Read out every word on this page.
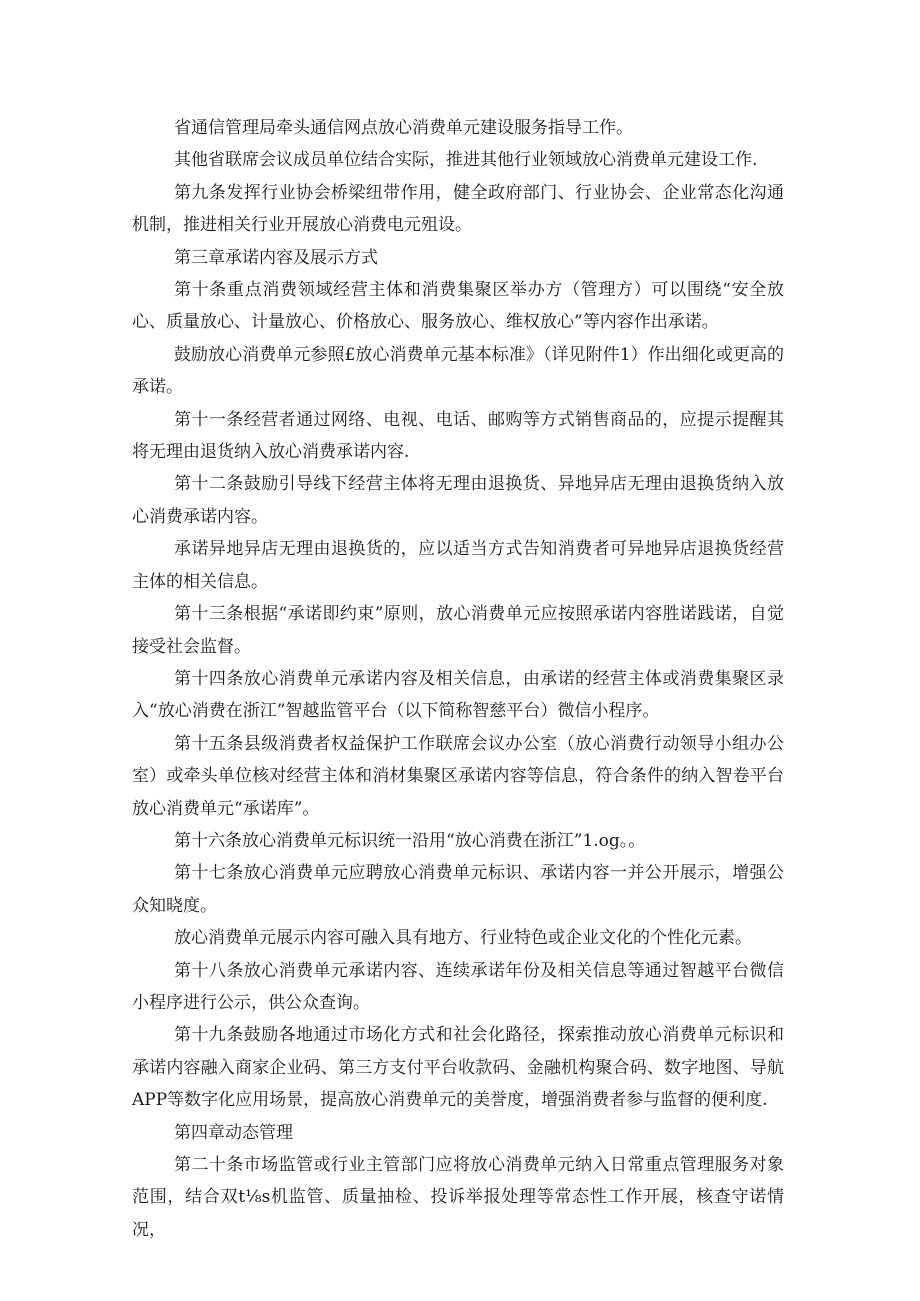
省通信管理局牵头通信网点放心消费单元建设服务指导工作。

其他省联席会议成员单位结合实际，推进其他行业领域放心消费单元建设工作.

第九条发挥行业协会桥梁纽带作用，健全政府部门、行业协会、企业常态化沟通机制，推进相关行业开展放心消费电元殂设。

第三章承诺内容及展示方式

第十条重点消费领域经营主体和消费集聚区举办方（管理方）可以围绕“安全放心、质量放心、计量放心、价格放心、服务放心、维权放心”等内容作出承诺。

鼓励放心消费单元参照£放心消费单元基本标准》（详见附件1）作出细化或更高的承诺。

第十一条经营者通过网络、电视、电话、邮购等方式销售商品的，应提示提醒其将无理由退货纳入放心消费承诺内容.

第十二条鼓励引导线下经营主体将无理由退换货、异地异店无理由退换货纳入放心消费承诺内容。

承诺异地异店无理由退换货的，应以适当方式告知消费者可异地异店退换货经营主体的相关信息。

第十三条根据“承诺即约束”原则，放心消费单元应按照承诺内容胜诺践诺，自觉接受社会监督。

第十四条放心消费单元承诺内容及相关信息，由承诺的经营主体或消费集聚区录入“放心消费在浙江”智越监管平台（以下简称智慈平台）微信小程序。

第十五条县级消费者权益保护工作联席会议办公室（放心消费行动领导小组办公室）或牵头单位核对经营主体和消材集聚区承诺内容等信息，符合条件的纳入智卷平台放心消费单元“承诺库”。

第十六条放心消费单元标识统一沿用“放心消费在浙江”1.og。。

第十七条放心消费单元应聘放心消费单元标识、承诺内容一并公开展示，增强公众知晓度。

放心消费单元展示内容可融入具有地方、行业特色或企业文化的个性化元素。

第十八条放心消费单元承诺内容、连续承诺年份及相关信息等通过智越平台微信小程序进行公示，供公众查询。

第十九条鼓励各地通过市场化方式和社会化路径，探索推动放心消费单元标识和承诺内容融入商家企业码、第三方支付平台收款码、金融机构聚合码、数字地图、导航APP等数字化应用场景，提高放心消费单元的美誉度，增强消费者参与监督的便利度.

第四章动态管理

第二十条市场监管或行业主管部门应将放心消费单元纳入日常重点管理服务对象范围，结合双t⅛s机监管、质量抽检、投诉举报处理等常态性工作开展，核查守诺情况，
